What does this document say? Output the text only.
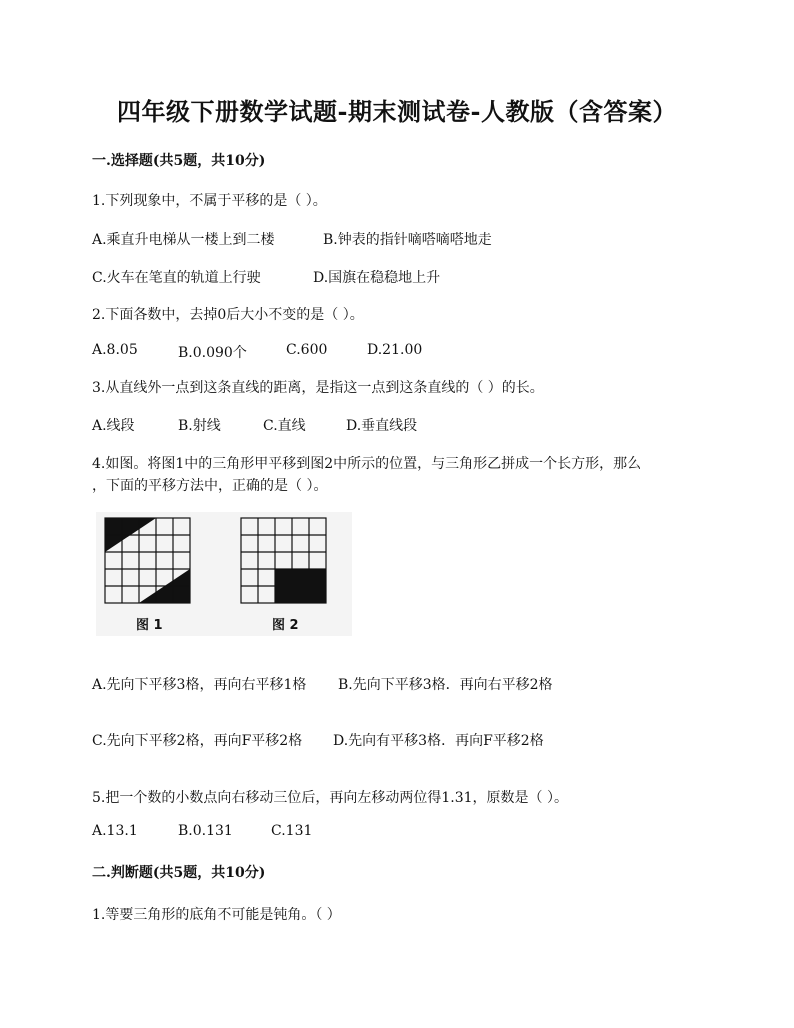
四年级下册数学试题-期末测试卷-人教版（含答案）
一.选择题(共5题，共10分)
1.下列现象中，不属于平移的是（ ）。
A.乘直升电梯从一楼上到二楼	B.钟表的指针嘀嗒嘀嗒地走
C.火车在笔直的轨道上行驶	D.国旗在稳稳地上升
2.下面各数中，去掉0后大小不变的是（ ）。
A.8.05	B.0.090个	C.600	D.21.00
3.从直线外一点到这条直线的距离，是指这一点到这条直线的（ ）的长。
A.线段	B.射线	C.直线	D.垂直线段
4.如图。将图1中的三角形甲平移到图2中所示的位置，与三角形乙拼成一个长方形，那么
，下面的平移方法中，正确的是（ ）。
图 1	图 2
A.先向下平移3格，再向右平移1格 B.先向下平移3格．再向右平移2格
C.先向下平移2格，再向F平移2格 D.先向有平移3格．再向F平移2格
5.把一个数的小数点向右移动三位后，再向左移动两位得1.31，原数是（ ）。
A.13.1	B.0.131	C.131
二.判断题(共5题，共10分)
1.等要三角形的底角不可能是钝角。（ ）
